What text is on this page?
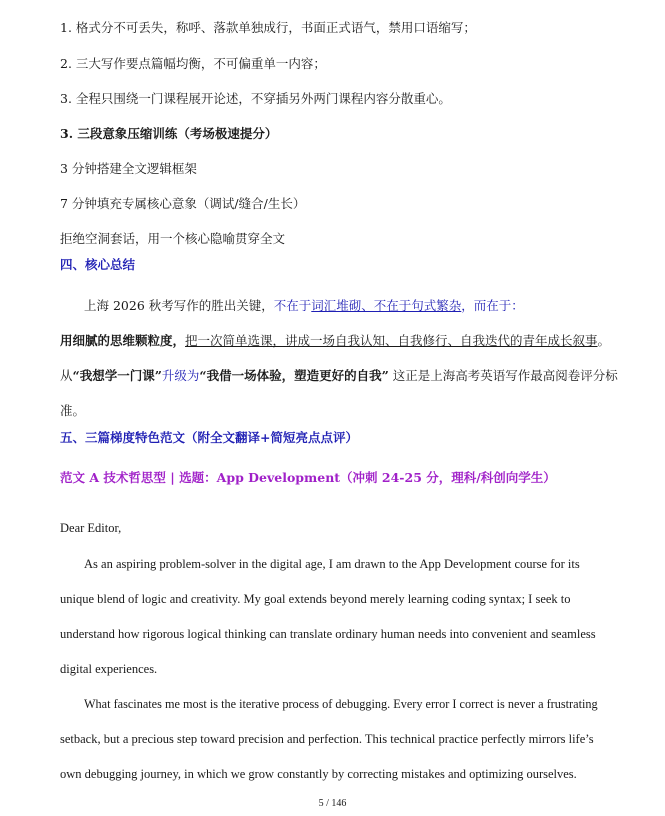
1. 格式分不可丢失，称呼、落款单独成行，书面正式语气，禁用口语缩写；
2. 三大写作要点篇幅均衡，不可偏重单一内容；
3. 全程只围绕一门课程展开论述，不穿插另外两门课程内容分散重心。
3. 三段意象压缩训练（考场极速提分）
3 分钟搭建全文逻辑框架
7 分钟填充专属核心意象（调试/缝合/生长）
拒绝空洞套话，用一个核心隐喻贯穿全文
四、核心总结
上海 2026 秋考写作的胜出关键，不在于词汇堆砌、不在于句式繁杂，而在于：
用细腻的思维颗粒度，把一次简单选课，讲成一场自我认知、自我修行、自我迭代的青年成长叙事。
从“我想学一门课”升级为“我借一场体验，塑造更好的自我” 这正是上海高考英语写作最高阅卷评分标
准。
五、三篇梯度特色范文（附全文翻译+简短亮点点评）
范文 A 技术哲思型 | 选题：App Development（冲刺 24-25 分，理科/科创向学生）
Dear Editor,
As an aspiring problem-solver in the digital age, I am drawn to the App Development course for its
unique blend of logic and creativity. My goal extends beyond merely learning coding syntax; I seek to
understand how rigorous logical thinking can translate ordinary human needs into convenient and seamless
digital experiences.
What fascinates me most is the iterative process of debugging. Every error I correct is never a frustrating
setback, but a precious step toward precision and perfection. This technical practice perfectly mirrors life’s
own debugging journey, in which we grow constantly by correcting mistakes and optimizing ourselves.
5 / 146
